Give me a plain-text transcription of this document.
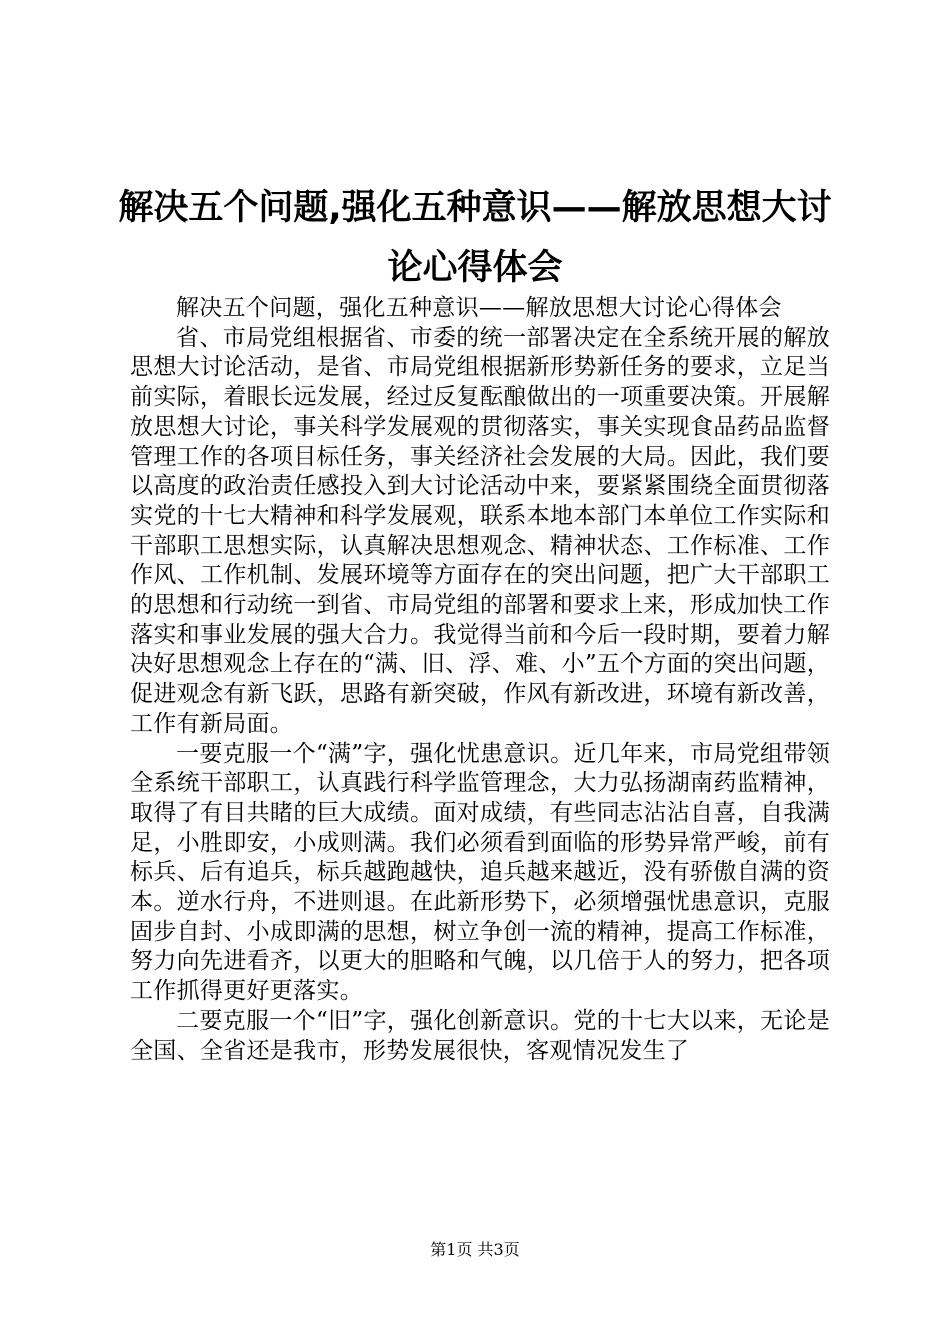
解决五个问题,强化五种意识——解放思想大讨论心得体会

解决五个问题，强化五种意识——解放思想大讨论心得体会

省、市局党组根据省、市委的统一部署决定在全系统开展的解放思想大讨论活动，是省、市局党组根据新形势新任务的要求，立足当前实际，着眼长远发展，经过反复酝酿做出的一项重要决策。开展解放思想大讨论，事关科学发展观的贯彻落实，事关实现食品药品监督管理工作的各项目标任务，事关经济社会发展的大局。因此，我们要以高度的政治责任感投入到大讨论活动中来，要紧紧围绕全面贯彻落实党的十七大精神和科学发展观，联系本地本部门本单位工作实际和干部职工思想实际，认真解决思想观念、精神状态、工作标准、工作作风、工作机制、发展环境等方面存在的突出问题，把广大干部职工的思想和行动统一到省、市局党组的部署和要求上来，形成加快工作落实和事业发展的强大合力。我觉得当前和今后一段时期，要着力解决好思想观念上存在的“满、旧、浮、难、小”五个方面的突出问题，促进观念有新飞跃，思路有新突破，作风有新改进，环境有新改善，工作有新局面。

一要克服一个“满”字，强化忧患意识。近几年来，市局党组带领全系统干部职工，认真践行科学监管理念，大力弘扬湖南药监精神，取得了有目共睹的巨大成绩。面对成绩，有些同志沾沾自喜，自我满足，小胜即安，小成则满。我们必须看到面临的形势异常严峻，前有标兵、后有追兵，标兵越跑越快，追兵越来越近，没有骄傲自满的资本。逆水行舟，不进则退。在此新形势下，必须增强忧患意识，克服固步自封、小成即满的思想，树立争创一流的精神，提高工作标准，努力向先进看齐，以更大的胆略和气魄，以几倍于人的努力，把各项工作抓得更好更落实。

二要克服一个“旧”字，强化创新意识。党的十七大以来，无论是全国、全省还是我市，形势发展很快，客观情况发生了

第1页 共3页
